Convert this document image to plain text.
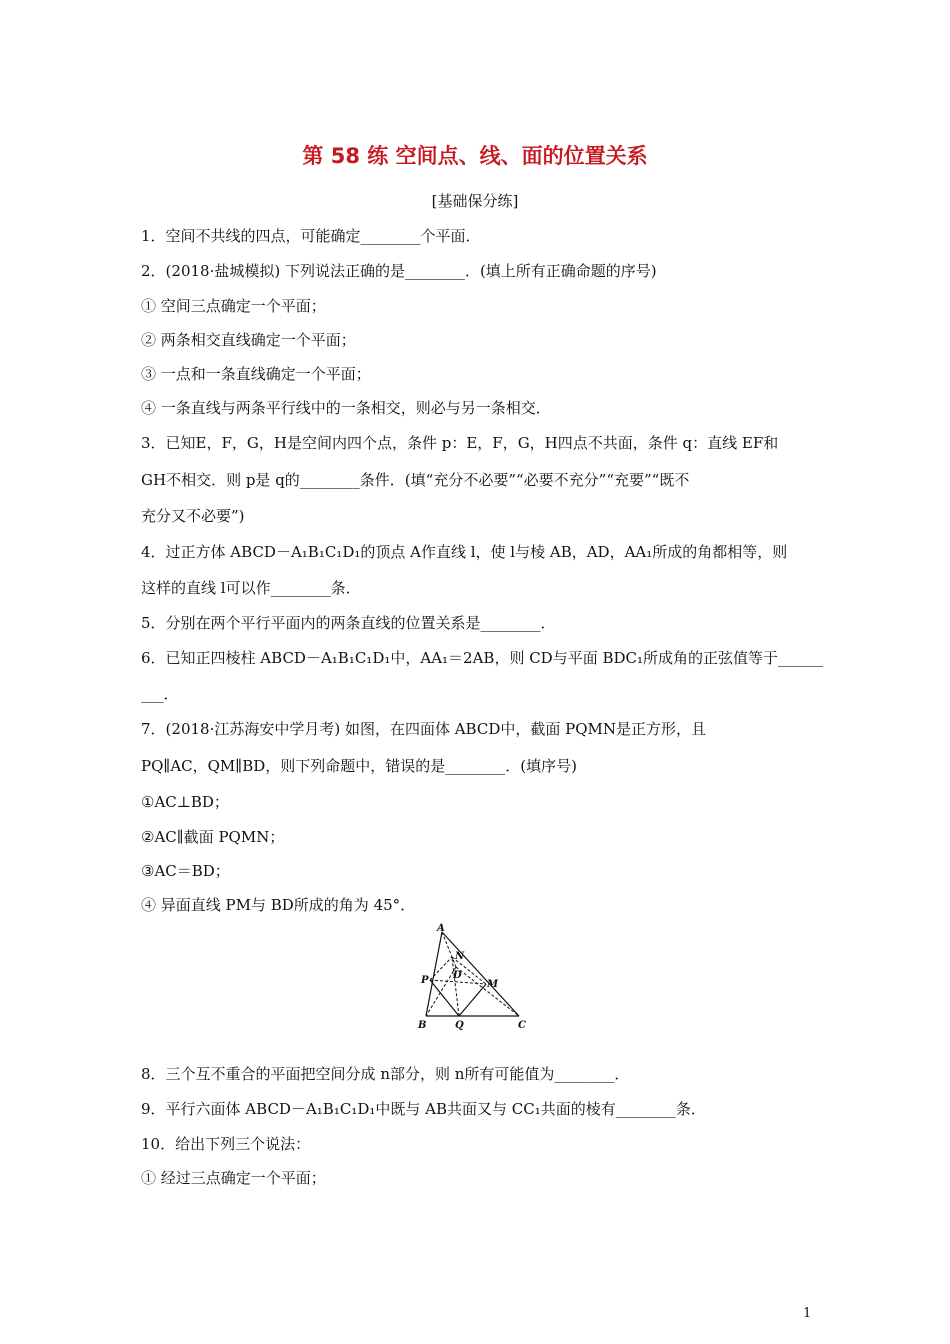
第 58 练 空间点、线、面的位置关系
[基础保分练]
1．空间不共线的四点，可能确定________个平面．
2．(2018·盐城模拟) 下列说法正确的是________．(填上所有正确命题的序号)
① 空间三点确定一个平面；
② 两条相交直线确定一个平面；
③ 一点和一条直线确定一个平面；
④ 一条直线与两条平行线中的一条相交，则必与另一条相交．
3．已知E，F，G，H是空间内四个点，条件 p：E，F，G，H四点不共面，条件 q：直线 EF和
GH不相交．则 p是 q的________条件．(填“充分不必要”“必要不充分”“充要”“既不
充分又不必要”)
4．过正方体 ABCD－A₁B₁C₁D₁的顶点 A作直线 l，使 l与棱 AB，AD，AA₁所成的角都相等，则
这样的直线 l可以作________条．
5．分别在两个平行平面内的两条直线的位置关系是________．
6．已知正四棱柱 ABCD－A₁B₁C₁D₁中，AA₁＝2AB，则 CD与平面 BDC₁所成角的正弦值等于______
___．
7．(2018·江苏海安中学月考) 如图，在四面体 ABCD中，截面 PQMN是正方形，且
PQ∥AC，QM∥BD，则下列命题中，错误的是________．(填序号)
①AC⊥BD；
②AC∥截面 PQMN；
③AC＝BD；
④ 异面直线 PM与 BD所成的角为 45°．
A
B	C
D
P
Q
M
N
8．三个互不重合的平面把空间分成 n部分，则 n所有可能值为________．
9．平行六面体 ABCD－A₁B₁C₁D₁中既与 AB共面又与 CC₁共面的棱有________条．
10．给出下列三个说法：
① 经过三点确定一个平面；
1
